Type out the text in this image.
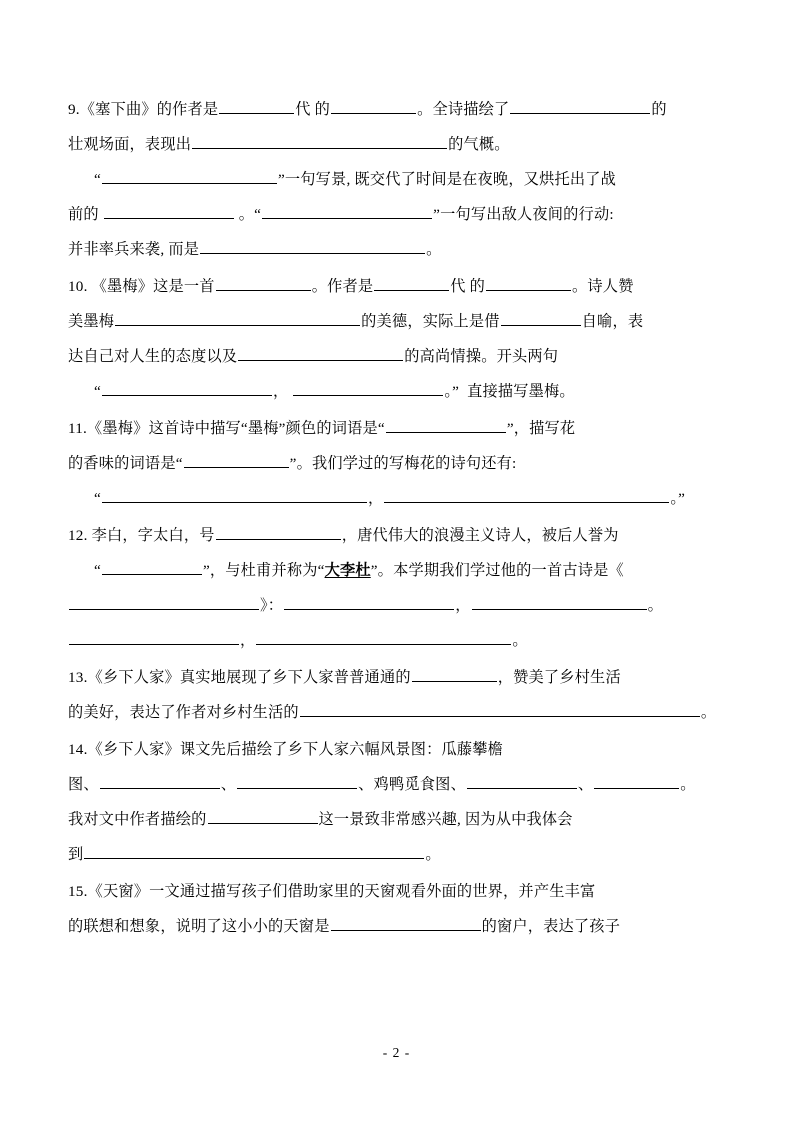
9.《塞下曲》的作者是	代 的	。全诗描绘了	的

壮观场面，表现出	的气概。

“	”一句写景, 既交代了时间是在夜晚，又烘托出了战

前的	。“	”一句写出敌人夜间的行动:

并非率兵来袭, 而是	。

10. 《墨梅》这是一首	。作者是	代 的	。诗人赞

美墨梅	的美德，实际上是借	自喻，表

达自己对人生的态度以及	的高尚情操。开头两句

“	，	。” 直接描写墨梅。

11.《墨梅》这首诗中描写“墨梅”颜色的词语是“	”，描写花

的香味的词语是“	”。我们学过的写梅花的诗句还有:

“	，	。”

12. 李白，字太白，号	，唐代伟大的浪漫主义诗人，被后人誉为

“	”，与杜甫并称为“大李杜”。本学期我们学过他的一首古诗是《

》：	，	。

，	。

13.《乡下人家》真实地展现了乡下人家普普通通的	，赞美了乡村生活

的美好，表达了作者对乡村生活的	。

14.《乡下人家》课文先后描绘了乡下人家六幅风景图：瓜藤攀檐

图、	、	、鸡鸭觅食图、	、	。

我对文中作者描绘的	这一景致非常感兴趣, 因为从中我体会

到	。

15.《天窗》一文通过描写孩子们借助家里的天窗观看外面的世界，并产生丰富

的联想和想象，说明了这小小的天窗是	的窗户，表达了孩子

- 2 -
